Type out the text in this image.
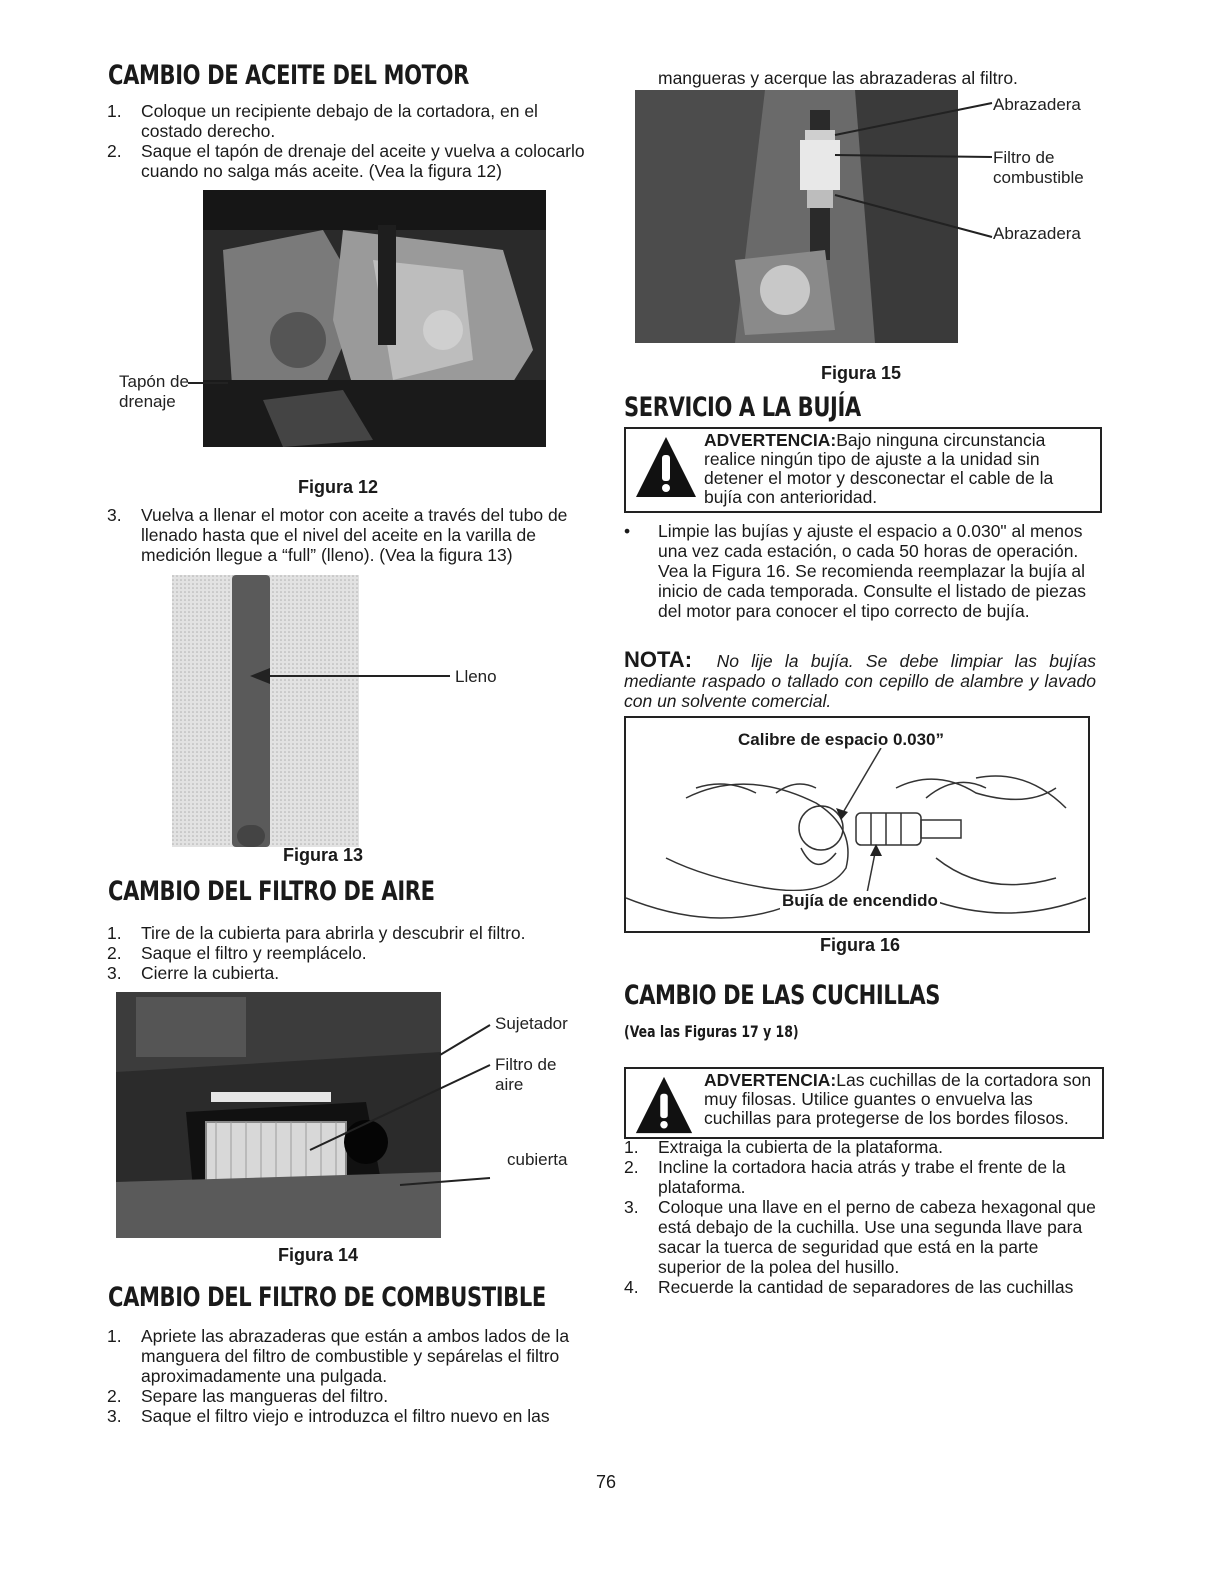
CAMBIO DE ACEITE DEL MOTOR
1. Coloque un recipiente debajo de la cortadora, en el costado derecho.
2. Saque el tapón de drenaje del aceite y vuelva a colocarlo cuando no salga más aceite. (Vea la figura 12)
Tapón de drenaje
Figura 12
3. Vuelva a llenar el motor con aceite a través del tubo de llenado hasta que el nivel del aceite en la varilla de medición llegue a “full” (lleno). (Vea la figura 13)
Lleno
Figura 13
CAMBIO DEL FILTRO DE AIRE
1. Tire de la cubierta para abrirla y descubrir el filtro.
2. Saque el filtro y reemplácelo.
3. Cierre la cubierta.
Sujetador
Filtro de aire
cubierta
Figura 14
CAMBIO DEL FILTRO DE COMBUSTIBLE
1. Apriete las abrazaderas que están a ambos lados de la manguera del filtro de combustible y sepárelas el filtro aproximadamente una pulgada.
2. Separe las mangueras del filtro.
3. Saque el filtro viejo e introduzca el filtro nuevo en las
mangueras y acerque las abrazaderas al filtro.
Abrazadera
Filtro de combustible
Abrazadera
Figura 15
SERVICIO A LA BUJÍA
ADVERTENCIA:Bajo ninguna circunstancia realice ningún tipo de ajuste a la unidad sin detener el motor y desconectar el cable de la bujía con anterioridad.
• Limpie las bujías y ajuste el espacio a 0.030" al menos una vez cada estación, o cada 50 horas de operación. Vea la Figura 16. Se recomienda reemplazar la bujía al inicio de cada temporada. Consulte el listado de piezas del motor para conocer el tipo correcto de bujía.
NOTA: No lije la bujía. Se debe limpiar las bujías mediante raspado o tallado con cepillo de alambre y lavado con un solvente comercial.
Calibre de espacio 0.030”
Bujía de encendido
Figura 16
CAMBIO DE LAS CUCHILLAS
(Vea las Figuras 17 y 18)
ADVERTENCIA:Las cuchillas de la cortadora son muy filosas. Utilice guantes o envuelva las cuchillas para protegerse de los bordes filosos.
1. Extraiga la cubierta de la plataforma.
2. Incline la cortadora hacia atrás y trabe el frente de la plataforma.
3. Coloque una llave en el perno de cabeza hexagonal que está debajo de la cuchilla. Use una segunda llave para sacar la tuerca de seguridad que está en la parte superior de la polea del husillo.
4. Recuerde la cantidad de separadores de las cuchillas
76
